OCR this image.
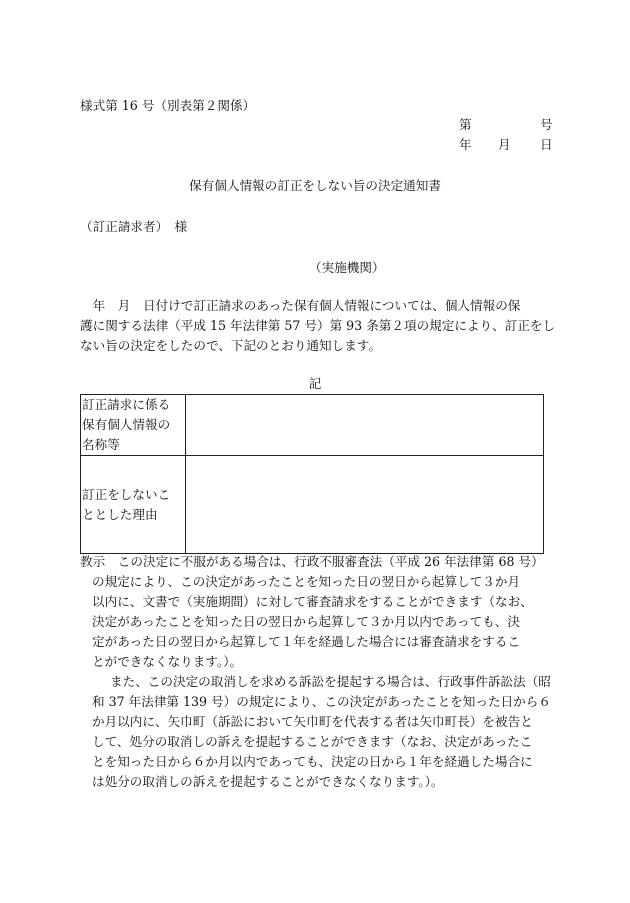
様式第 16 号（別表第２関係）
第	号
年 月 日
保有個人情報の訂正をしない旨の決定通知書
（訂正請求者）　様
（実施機関）
　年　月　日付けで訂正請求のあった保有個人情報については、個人情報の保
護に関する法律（平成 15 年法律第 57 号）第 93 条第２項の規定により、訂正をし
ない旨の決定をしたので、下記のとおり通知します。
記
訂正請求に係る
保有個人情報の
名称等	

訂正をしないこ
ととした理由	

教示　この決定に不服がある場合は、行政不服審査法（平成 26 年法律第 68 号）
の規定により、この決定があったことを知った日の翌日から起算して３か月
以内に、文書で（実施期間）に対して審査請求をすることができます（なお、
決定があったことを知った日の翌日から起算して３か月以内であっても、決
定があった日の翌日から起算して１年を経過した場合には審査請求をするこ
とができなくなります。）。
また、この決定の取消しを求める訴訟を提起する場合は、行政事件訴訟法（昭
和 37 年法律第 139 号）の規定により、この決定があったことを知った日から６
か月以内に、矢巾町（訴訟において矢巾町を代表する者は矢巾町長）を被告と
して、処分の取消しの訴えを提起することができます（なお、決定があったこ
とを知った日から６か月以内であっても、決定の日から１年を経過した場合に
は処分の取消しの訴えを提起することができなくなります。）。
